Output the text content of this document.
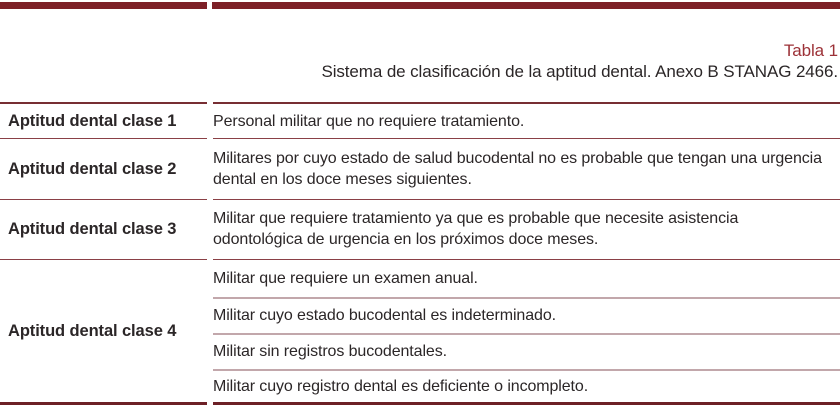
Tabla 1
Sistema de clasificación de la aptitud dental. Anexo B STANAG 2466.
Aptitud dental clase 1	Personal militar que no requiere tratamiento.
Aptitud dental clase 2
Militares por cuyo estado de salud bucodental no es probable que tengan una urgencia dental en los doce meses siguientes.
Aptitud dental clase 3
Militar que requiere tratamiento ya que es probable que necesite asistencia odontológica de urgencia en los próximos doce meses.
Aptitud dental clase 4
Militar que requiere un examen anual.
Militar cuyo estado bucodental es indeterminado.
Militar sin registros bucodentales.
Militar cuyo registro dental es deficiente o incompleto.
